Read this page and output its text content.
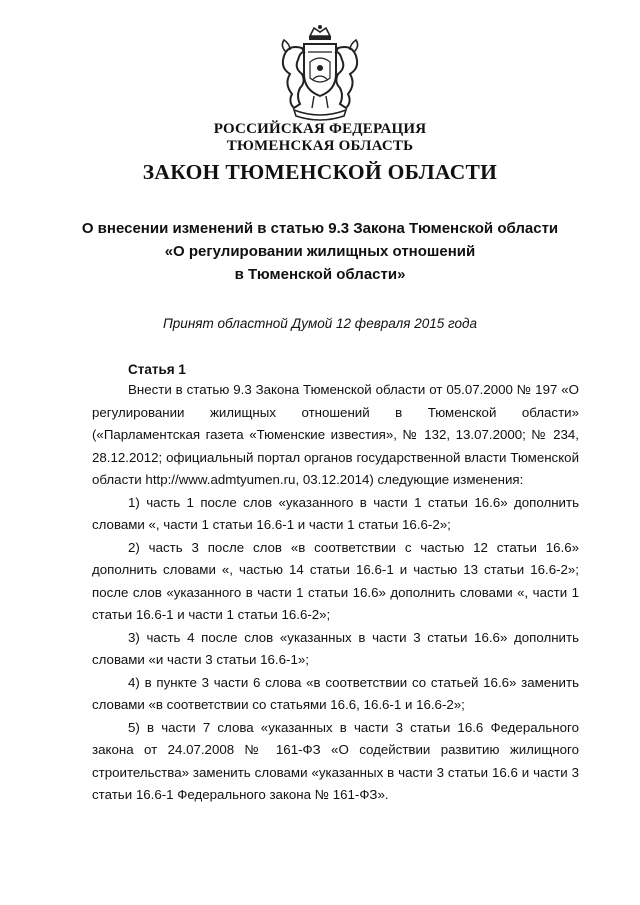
РОССИЙСКАЯ ФЕДЕРАЦИЯ
ТЮМЕНСКАЯ ОБЛАСТЬ
ЗАКОН ТЮМЕНСКОЙ ОБЛАСТИ
О внесении изменений в статью 9.3 Закона Тюменской области
«О регулировании жилищных отношений
в Тюменской области»
Принят областной Думой 12 февраля 2015 года
Статья 1

Внести в статью 9.3 Закона Тюменской области от 05.07.2000 № 197 «О регулировании жилищных отношений в Тюменской области» («Парламентская газета «Тюменские известия», № 132, 13.07.2000; № 234, 28.12.2012; официальный портал органов государственной власти Тюменской области http://www.admtyumen.ru, 03.12.2014) следующие изменения:

1) часть 1 после слов «указанного в части 1 статьи 16.6» дополнить словами «, части 1 статьи 16.6-1 и части 1 статьи 16.6-2»;

2) часть 3 после слов «в соответствии с частью 12 статьи 16.6» дополнить словами «, частью 14 статьи 16.6-1 и частью 13 статьи 16.6-2»; после слов «указанного в части 1 статьи 16.6» дополнить словами «, части 1 статьи 16.6-1 и части 1 статьи 16.6-2»;

3) часть 4 после слов «указанных в части 3 статьи 16.6» дополнить словами «и части 3 статьи 16.6-1»;

4) в пункте 3 части 6 слова «в соответствии со статьей 16.6» заменить словами «в соответствии со статьями 16.6, 16.6-1 и 16.6-2»;

5) в части 7 слова «указанных в части 3 статьи 16.6 Федерального закона от 24.07.2008 № 161-ФЗ «О содействии развитию жилищного строительства» заменить словами «указанных в части 3 статьи 16.6 и части 3 статьи 16.6-1 Федерального закона № 161-ФЗ».
